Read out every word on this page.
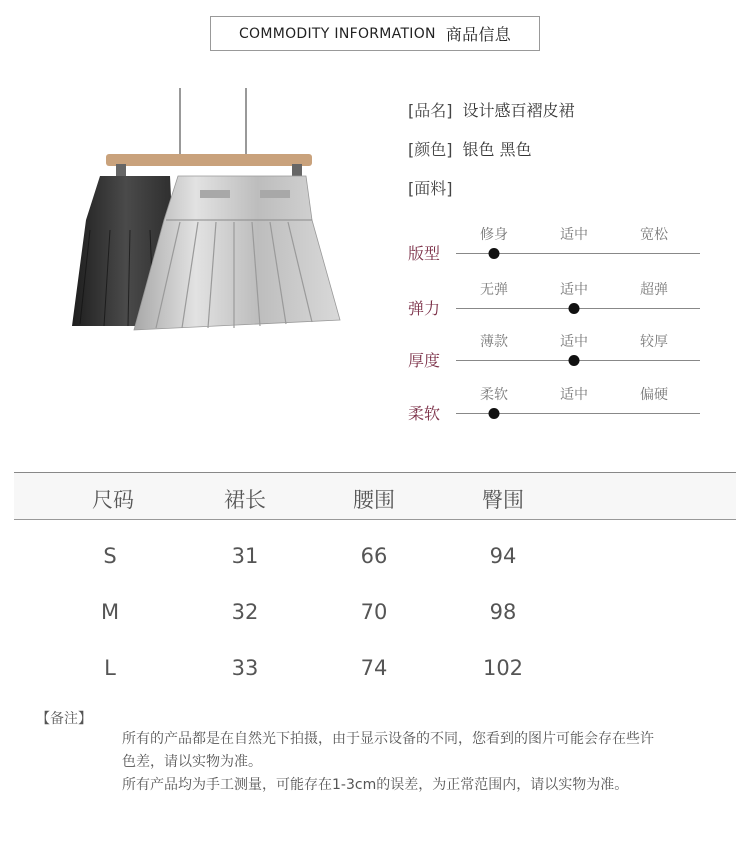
COMMODITY INFORMATION 商品信息
[品名] 设计感百褶皮裙
[颜色] 银色 黑色
[面料]
版型
修身	适中	宽松
弹力
无弹	适中	超弹
厚度
薄款	适中	较厚
柔软
柔软	适中	偏硬
尺码	裙长	腰围	臀围
S	31	66	94
M	32	70	98
L	33	74	102
【备注】

所有的产品都是在自然光下拍摄，由于显示设备的不同，您看到的图片可能会存在些许色差，请以实物为准。

所有产品均为手工测量，可能存在1-3cm的误差，为正常范围内，请以实物为准。
